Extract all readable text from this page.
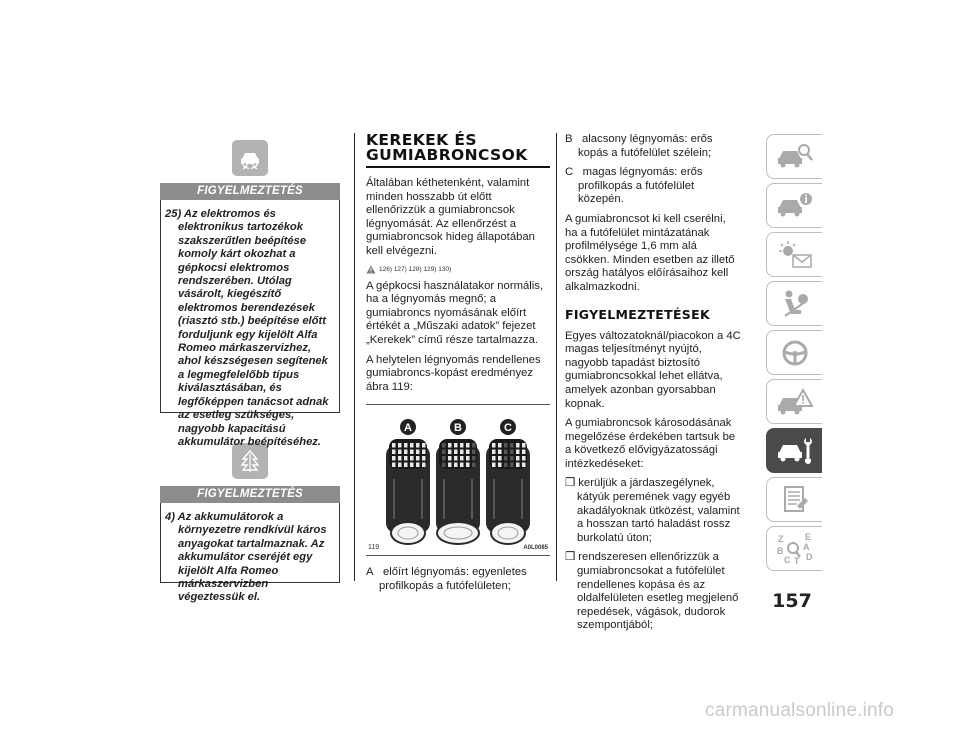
FIGYELMEZTETÉS
25) Az elektromos és elektronikus tartozékok szakszerűtlen beépítése komoly kárt okozhat a gépkocsi elektromos rendszerében. Utólag vásárolt, kiegészítő elektromos berendezések (riasztó stb.) beépítése előtt forduljunk egy kijelölt Alfa Romeo márkaszervizhez, ahol készségesen segítenek a legmegfelelőbb típus kiválasztásában, és legfőképpen tanácsot adnak az esetleg szükséges, nagyobb kapacitású akkumulátor beépítéséhez.
FIGYELMEZTETÉS
4) Az akkumulátorok a környezetre rendkívül káros anyagokat tartalmaznak. Az akkumulátor cseréjét egy kijelölt Alfa Romeo márkaszervizben végeztessük el.
KEREKEK ÉS
GUMIABRONCSOK
Általában kéthetenként, valamint minden hosszabb út előtt ellenőrizzük a gumiabroncsok légnyomását. Az ellenőrzést a gumiabroncsok hideg állapotában kell elvégezni.
126) 127) 128) 129) 130)
A gépkocsi használatakor normális, ha a légnyomás megnő; a gumiabroncs nyomásának előírt értékét a „Műszaki adatok” fejezet „Kerekek” című része tartalmazza.
A helytelen légnyomás rendellenes gumiabroncs-kopást eredményez ábra 119:
A	B	C
119	A0L0085
A előírt légnyomás: egyenletes profilkopás a futófelületen;
B alacsony légnyomás: erős kopás a futófelület szélein;
C magas légnyomás: erős profilkopás a futófelület közepén.
A gumiabroncsot ki kell cserélni, ha a futófelület mintázatának profilmélysége 1,6 mm alá csökken. Minden esetben az illető ország hatályos előírásaihoz kell alkalmazkodni.
FIGYELMEZTETÉSEK
Egyes változatoknál/piacokon a 4C magas teljesítményt nyújtó, nagyobb tapadást biztosító gumiabroncsokkal lehet ellátva, amelyek azonban gyorsabban kopnak.
A gumiabroncsok károsodásának megelőzése érdekében tartsuk be a következő elővigyázatossági intézkedéseket:
❒ kerüljük a járdaszegélynek, kátyúk peremének vagy egyéb akadályoknak ütközést, valamint a hosszan tartó haladást rossz burkolatú úton;
❒ rendszeresen ellenőrizzük a gumiabroncsokat a futófelület rendellenes kopása és az oldalfelületen esetleg megjelenő repedések, vágások, dudorok szempontjából;
Z E
A
B
C T D
157
carmanualsonline.info
